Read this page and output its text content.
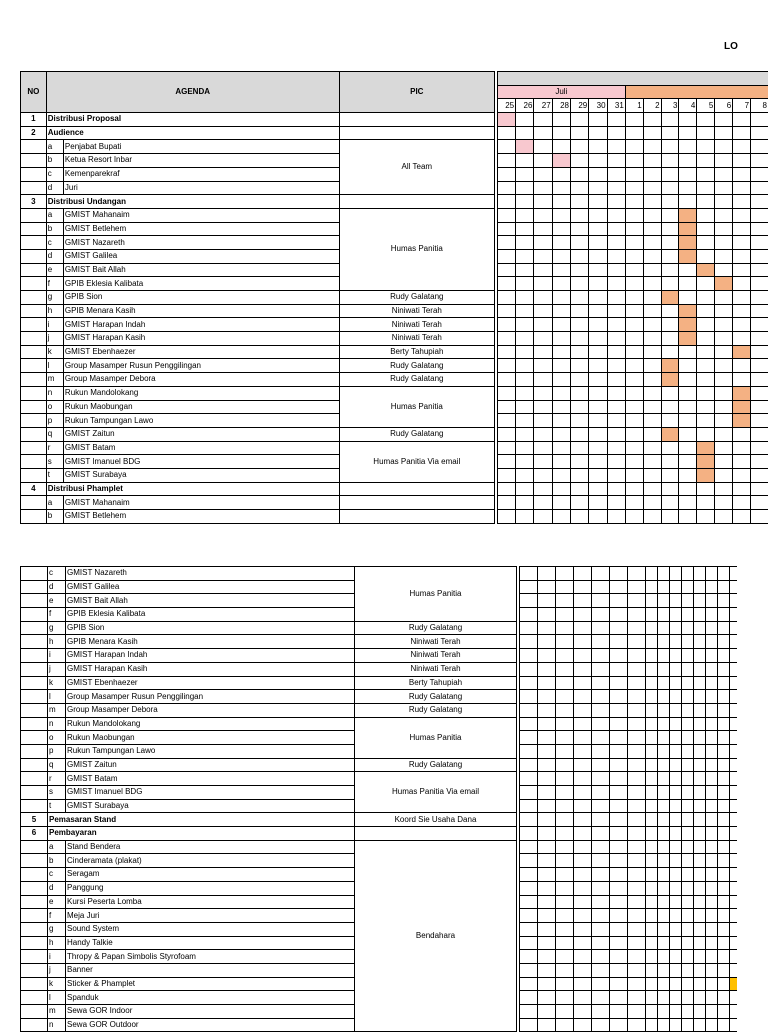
LO
NO	AGENDA		PIC																
					Juli														
					25	26	27	28	29	30	31	1	2	3	4	5	6	7	8
1	Distribusi Proposal																		
2	Audience																		
	a	Penjabat Bupati	All Team																
	b	Ketua Resort Inbar																	
	c	Kemenparekraf																	
	d	Juri																	
3	Distribusi Undangan																		
	a	GMIST Mahanaim	Humas Panitia																
	b	GMIST Betlehem																	
	c	GMIST Nazareth																	
	d	GMIST Galilea																	
	e	GMIST Bait Allah																	
	f	GPIB Eklesia Kalibata																	
	g	GPIB Sion	Rudy Galatang																
	h	GPIB Menara Kasih	Niniwati Terah																
	i	GMIST Harapan Indah	Niniwati Terah																
	j	GMIST Harapan Kasih	Niniwati Terah																
	k	GMIST Ebenhaezer	Berty Tahupiah																
	l	Group Masamper Rusun Penggilingan	Rudy Galatang																
	m	Group Masamper Debora	Rudy Galatang																
	n	Rukun Mandolokang	Humas Panitia																
	o	Rukun Maobungan																	
	p	Rukun Tampungan Lawo																	
	q	GMIST Zaitun	Rudy Galatang																
	r	GMIST Batam	Humas Panitia Via email																
	s	GMIST Imanuel BDG																	
	t	GMIST Surabaya																	
4	Distribusi Phamplet																		
	a	GMIST Mahanaim																	
	b	GMIST Betlehem																	
	c	GMIST Nazareth	Humas Panitia																
	d	GMIST Galilea																	
	e	GMIST Bait Allah																	
	f	GPIB Eklesia Kalibata																	
	g	GPIB Sion	Rudy Galatang																
	h	GPIB Menara Kasih	Niniwati Terah																
	i	GMIST Harapan Indah	Niniwati Terah																
	j	GMIST Harapan Kasih	Niniwati Terah																
	k	GMIST Ebenhaezer	Berty Tahupiah																
	l	Group Masamper Rusun Penggilingan	Rudy Galatang																
	m	Group Masamper Debora	Rudy Galatang																
	n	Rukun Mandolokang	Humas Panitia																
	o	Rukun Maobungan																	
	p	Rukun Tampungan Lawo																	
	q	GMIST Zaitun	Rudy Galatang																
	r	GMIST Batam	Humas Panitia Via email																
	s	GMIST Imanuel BDG																	
	t	GMIST Surabaya																	
5	Pemasaran Stand		Koord Sie Usaha Dana																
6	Pembayaran																		
	a	Stand Bendera	Bendahara																
	b	Cinderamata (plakat)																	
	c	Seragam																	
	d	Panggung																	
	e	Kursi Peserta Lomba																	
	f	Meja Juri																	
	g	Sound System																	
	h	Handy Talkie																	
	i	Thropy & Papan Simbolis Styrofoam																	
	j	Banner																	
	k	Sticker & Phamplet																	
	l	Spanduk																	
	m	Sewa GOR Indoor																	
	n	Sewa GOR Outdoor																	
